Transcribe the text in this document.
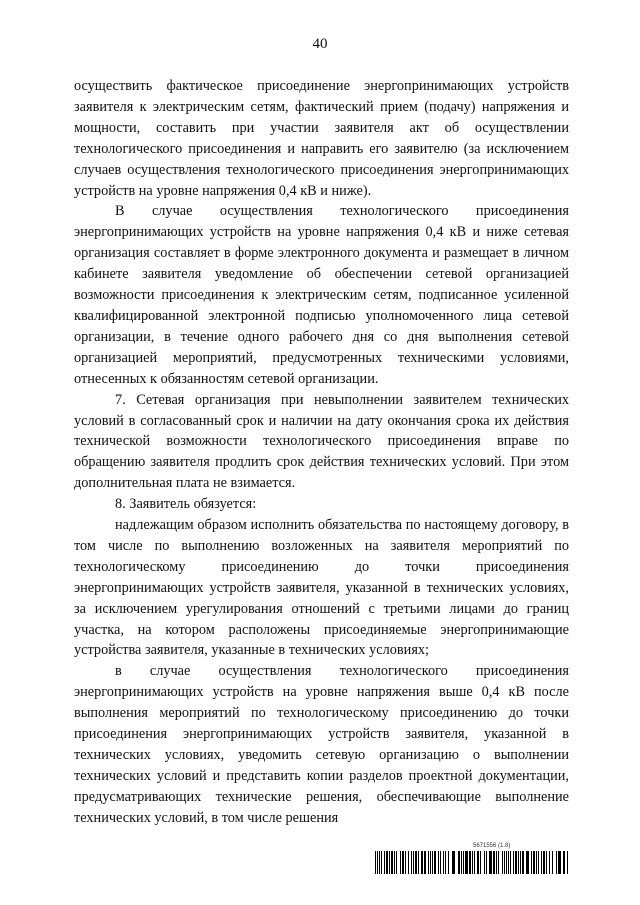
40

осуществить фактическое присоединение энергопринимающих устройств заявителя к электрическим сетям, фактический прием (подачу) напряжения и мощности, составить при участии заявителя акт об осуществлении технологического присоединения и направить его заявителю (за исключением случаев осуществления технологического присоединения энергопринимающих устройств на уровне напряжения 0,4 кВ и ниже).

В случае осуществления технологического присоединения энергопринимающих устройств на уровне напряжения 0,4 кВ и ниже сетевая организация составляет в форме электронного документа и размещает в личном кабинете заявителя уведомление об обеспечении сетевой организацией возможности присоединения к электрическим сетям, подписанное усиленной квалифицированной электронной подписью уполномоченного лица сетевой организации, в течение одного рабочего дня со дня выполнения сетевой организацией мероприятий, предусмотренных техническими условиями, отнесенных к обязанностям сетевой организации.

7. Сетевая организация при невыполнении заявителем технических условий в согласованный срок и наличии на дату окончания срока их действия технической возможности технологического присоединения вправе по обращению заявителя продлить срок действия технических условий. При этом дополнительная плата не взимается.

8. Заявитель обязуется:

надлежащим образом исполнить обязательства по настоящему договору, в том числе по выполнению возложенных на заявителя мероприятий по технологическому присоединению до точки присоединения энергопринимающих устройств заявителя, указанной в технических условиях, за исключением урегулирования отношений с третьими лицами до границ участка, на котором расположены присоединяемые энергопринимающие устройства заявителя, указанные в технических условиях;

в случае осуществления технологического присоединения энергопринимающих устройств на уровне напряжения выше 0,4 кВ после выполнения мероприятий по технологическому присоединению до точки присоединения энергопринимающих устройств заявителя, указанной в технических условиях, уведомить сетевую организацию о выполнении технических условий и представить копии разделов проектной документации, предусматривающих технические решения, обеспечивающие выполнение технических условий, в том числе решения

5671556 (1.8)
